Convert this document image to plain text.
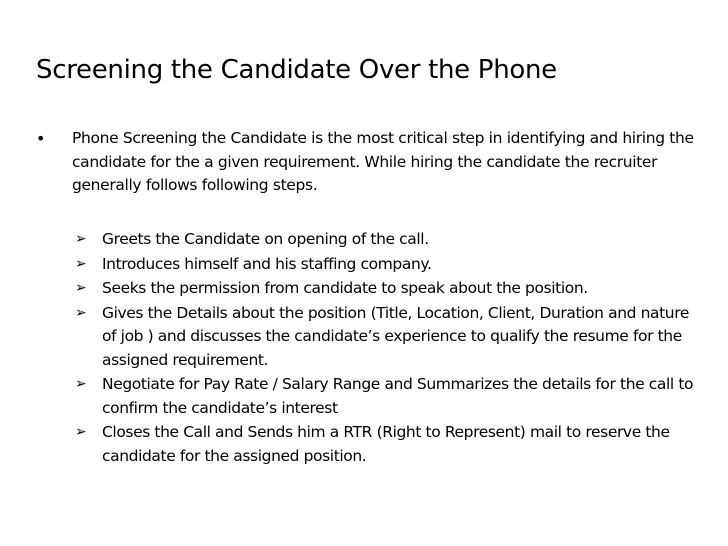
Screening the Candidate Over the Phone
•	Phone Screening the Candidate is the most critical step in identifying and hiring the candidate for the a given requirement. While hiring the candidate the recruiter generally follows following steps.
➢ Greets the Candidate on opening of the call.
➢ Introduces himself and his staffing company.
➢ Seeks the permission from candidate to speak about the position.
➢ Gives the Details about the position (Title, Location, Client, Duration and nature of job ) and discusses the candidate’s experience to qualify the resume for the assigned requirement.
➢ Negotiate for Pay Rate / Salary Range and Summarizes the details for the call to confirm the candidate’s interest
➢ Closes the Call and Sends him a RTR (Right to Represent) mail to reserve the candidate for the assigned position.
